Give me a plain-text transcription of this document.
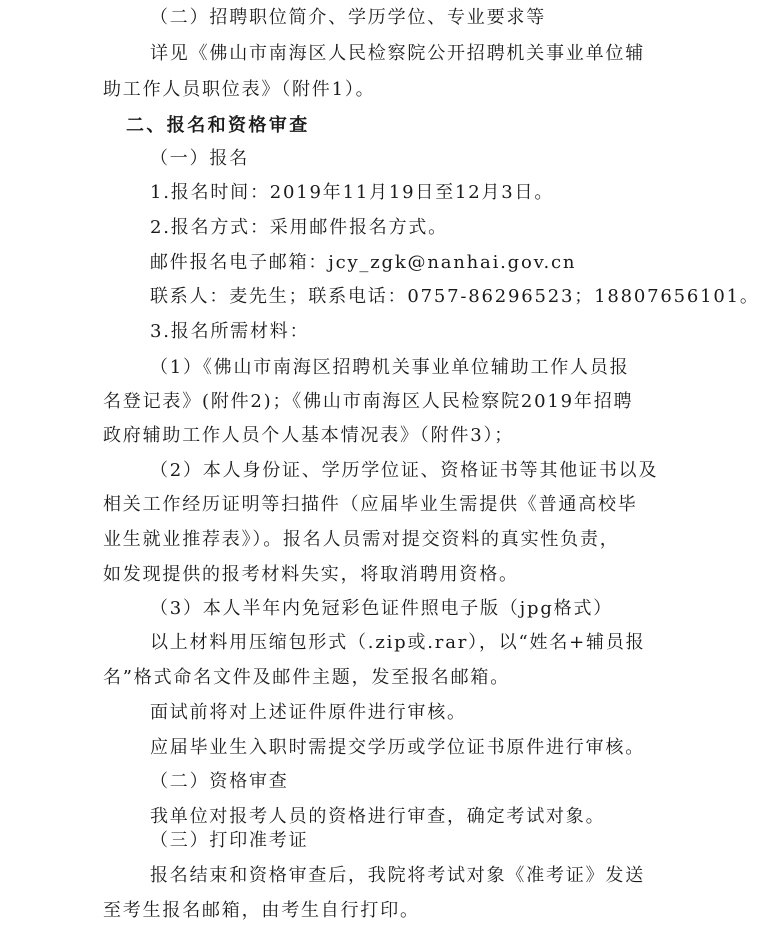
（二）招聘职位简介、学历学位、专业要求等
详见《佛山市南海区人民检察院公开招聘机关事业单位辅
助工作人员职位表》（附件1）。
二、报名和资格审查
（一）报名
1.报名时间：2019年11月19日至12月3日。
2.报名方式：采用邮件报名方式。
邮件报名电子邮箱：jcy_zgk@nanhai.gov.cn
联系人：麦先生；联系电话：0757-86296523；18807656101。
3.报名所需材料：
（1）《佛山市南海区招聘机关事业单位辅助工作人员报
名登记表》(附件2)；《佛山市南海区人民检察院2019年招聘
政府辅助工作人员个人基本情况表》（附件3）；
（2）本人身份证、学历学位证、资格证书等其他证书以及
相关工作经历证明等扫描件（应届毕业生需提供《普通高校毕
业生就业推荐表》）。报名人员需对提交资料的真实性负责，
如发现提供的报考材料失实，将取消聘用资格。
（3）本人半年内免冠彩色证件照电子版（jpg格式）
以上材料用压缩包形式（.zip或.rar），以“姓名+辅员报
名”格式命名文件及邮件主题，发至报名邮箱。
面试前将对上述证件原件进行审核。
应届毕业生入职时需提交学历或学位证书原件进行审核。
（二）资格审查
我单位对报考人员的资格进行审查，确定考试对象。
（三）打印准考证
报名结束和资格审查后，我院将考试对象《准考证》发送
至考生报名邮箱，由考生自行打印。
